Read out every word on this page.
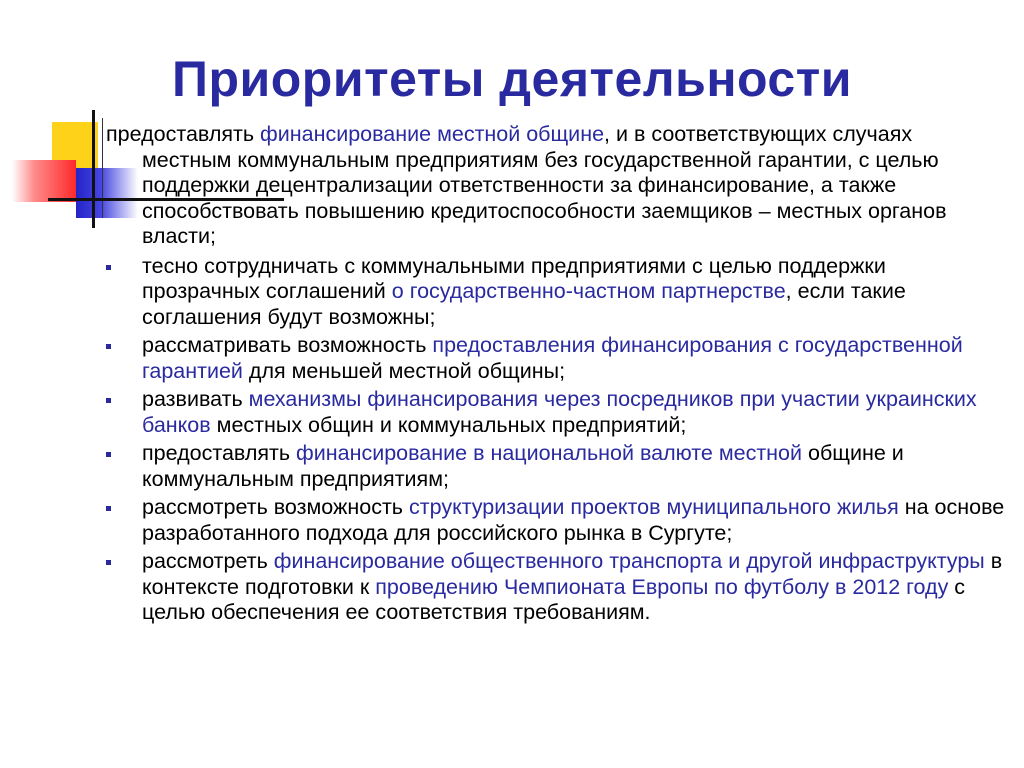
Приоритеты деятельности

предоставлять финансирование местной общине, и в соответствующих случаях местным коммунальным предприятиям без государственной гарантии, с целью поддержки децентрализации ответственности за финансирование, а также способствовать повышению кредитоспособности заемщиков – местных органов власти;

тесно сотрудничать с коммунальными предприятиями с целью поддержки прозрачных соглашений о государственно-частном партнерстве, если такие соглашения будут возможны;
рассматривать возможность предоставления финансирования с государственной гарантией для меньшей местной общины;
развивать механизмы финансирования через посредников при участии украинских банков местных общин и коммунальных предприятий;
предоставлять финансирование в национальной валюте местной общине и коммунальным предприятиям;
рассмотреть возможность структуризации проектов муниципального жилья на основе разработанного подхода для российского рынка в Сургуте;
рассмотреть финансирование общественного транспорта и другой инфраструктуры в контексте подготовки к проведению Чемпионата Европы по футболу в 2012 году с целью обеспечения ее соответствия требованиям.
